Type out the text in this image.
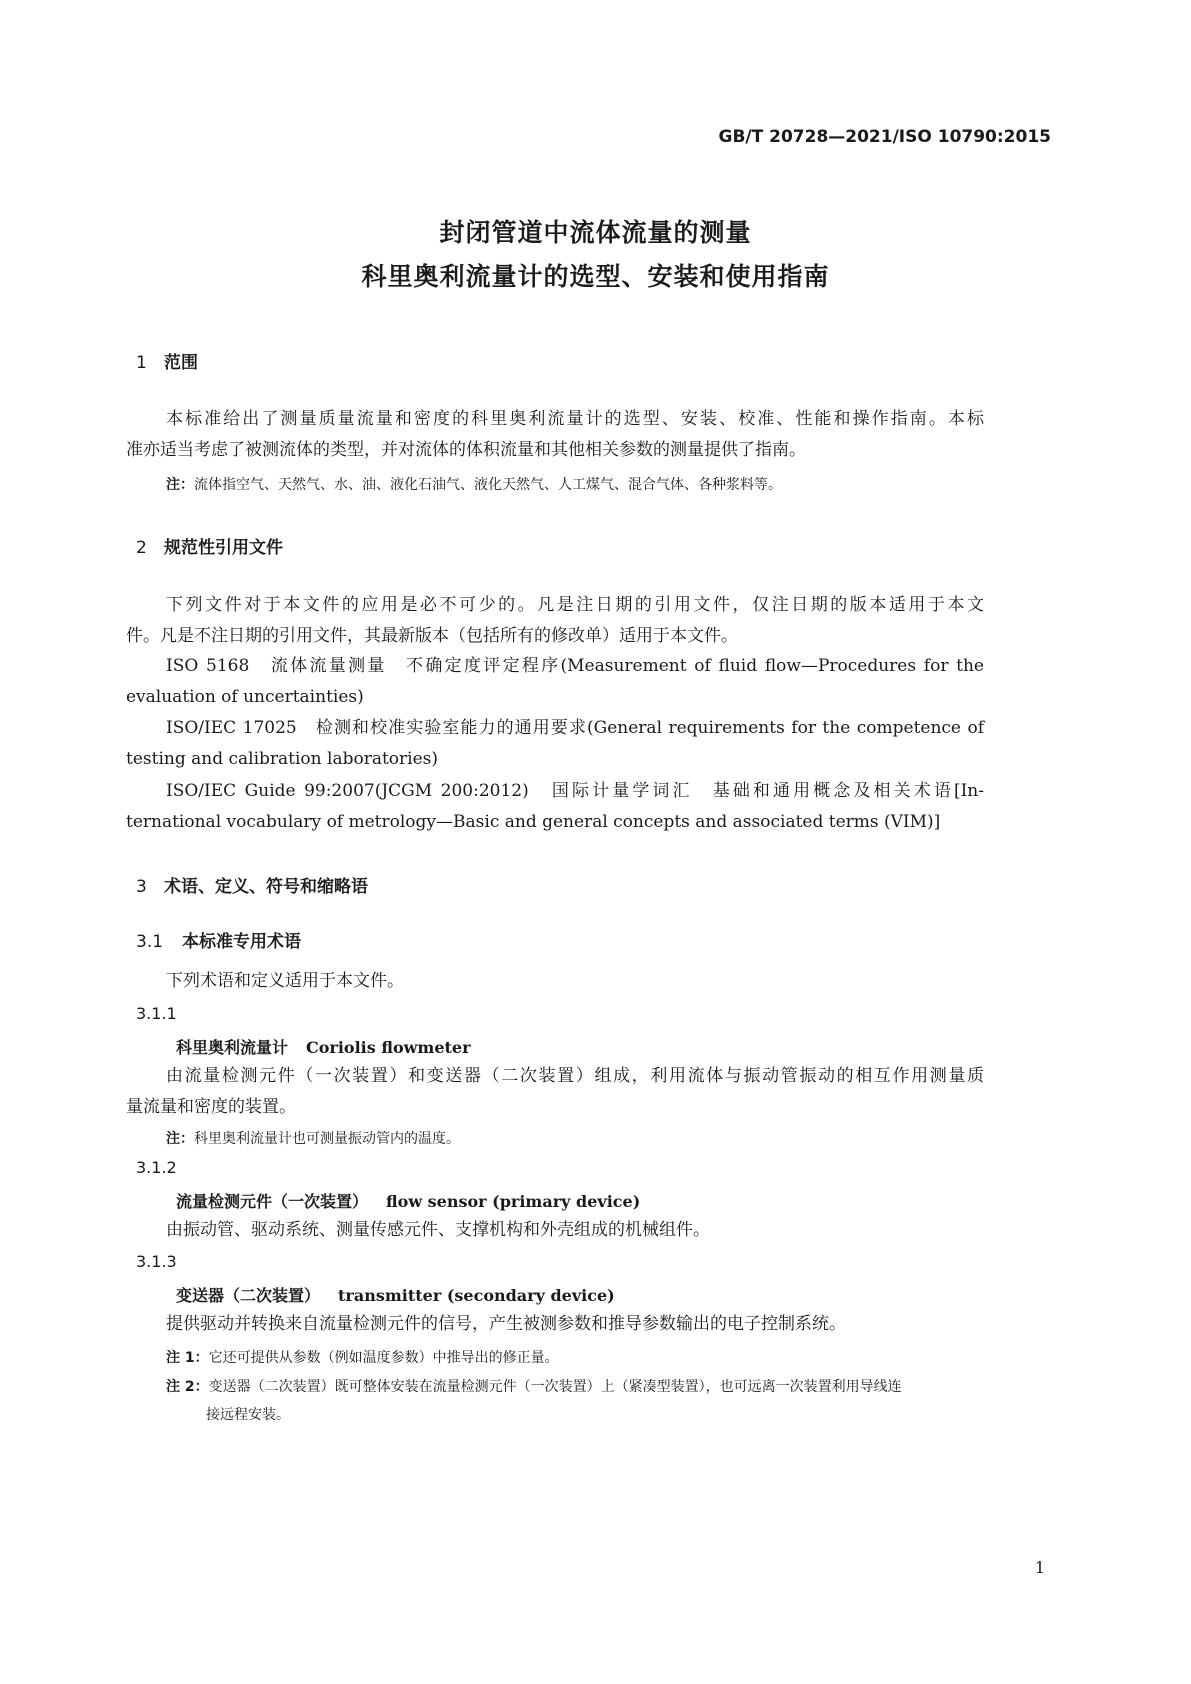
GB/T 20728—2021/ISO 10790:2015
封闭管道中流体流量的测量
科里奥利流量计的选型、安装和使用指南
1 范围
本标准给出了测量质量流量和密度的科里奥利流量计的选型、安装、校准、性能和操作指南。本标
准亦适当考虑了被测流体的类型，并对流体的体积流量和其他相关参数的测量提供了指南。
注：流体指空气、天然气、水、油、液化石油气、液化天然气、人工煤气、混合气体、各种浆料等。
2 规范性引用文件
下列文件对于本文件的应用是必不可少的。凡是注日期的引用文件，仅注日期的版本适用于本文
件。凡是不注日期的引用文件，其最新版本（包括所有的修改单）适用于本文件。
ISO 5168　流体流量测量　不确定度评定程序(Measurement of fluid flow—Procedures for the
evaluation of uncertainties)
ISO/IEC 17025　检测和校准实验室能力的通用要求(General requirements for the competence of
testing and calibration laboratories)
ISO/IEC Guide 99:2007(JCGM 200:2012)　国际计量学词汇　基础和通用概念及相关术语[In-
ternational vocabulary of metrology—Basic and general concepts and associated terms (VIM)]
3 术语、定义、符号和缩略语
3.1 本标准专用术语
下列术语和定义适用于本文件。
3.1.1
科里奥利流量计 Coriolis flowmeter
由流量检测元件（一次装置）和变送器（二次装置）组成，利用流体与振动管振动的相互作用测量质
量流量和密度的装置。
注：科里奥利流量计也可测量振动管内的温度。
3.1.2
流量检测元件（一次装置） flow sensor (primary device)
由振动管、驱动系统、测量传感元件、支撑机构和外壳组成的机械组件。
3.1.3
变送器（二次装置） transmitter (secondary device)
提供驱动并转换来自流量检测元件的信号，产生被测参数和推导参数输出的电子控制系统。
注 1：它还可提供从参数（例如温度参数）中推导出的修正量。
注 2：变送器（二次装置）既可整体安装在流量检测元件（一次装置）上（紧凑型装置），也可远离一次装置利用导线连
接远程安装。
1
